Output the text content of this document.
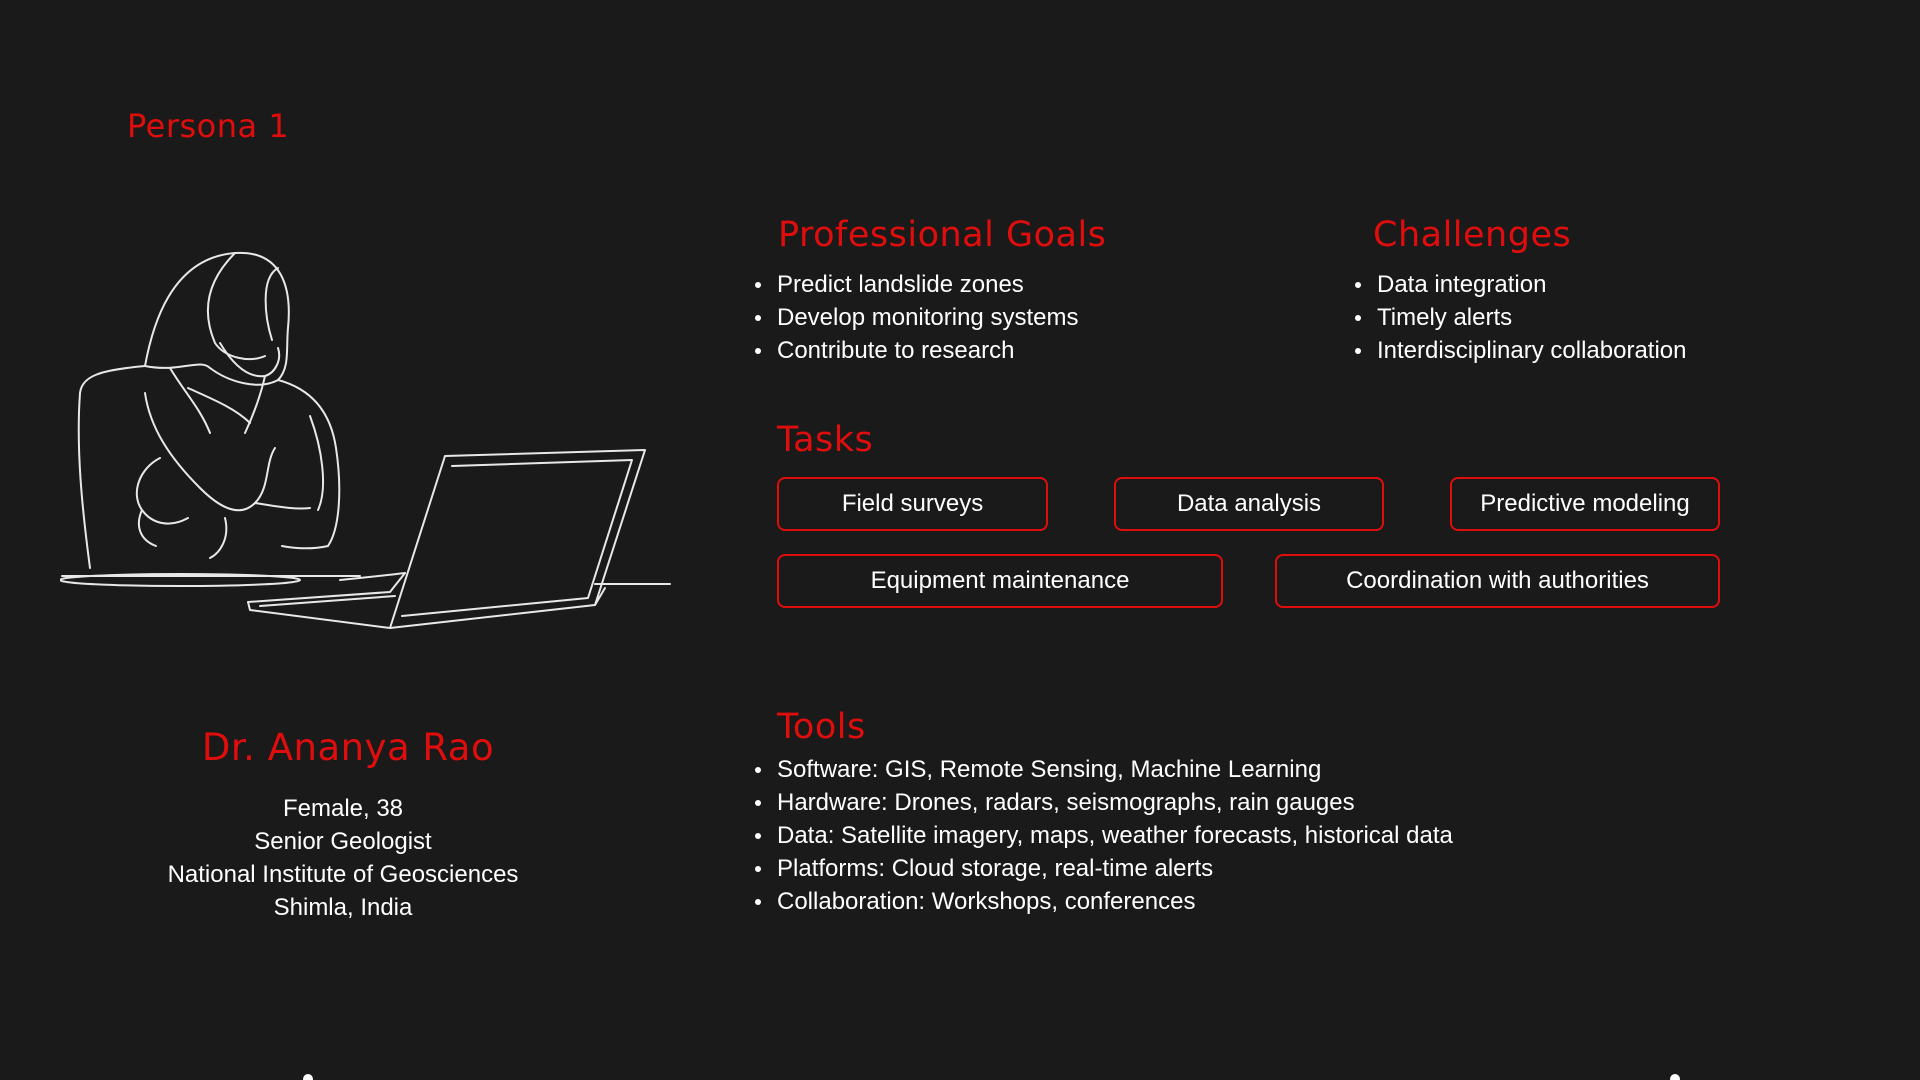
Persona 1
Dr. Ananya Rao
Female, 38
Senior Geologist
National Institute of Geosciences
Shimla, India
Professional Goals
Predict landslide zones
Develop monitoring systems
Contribute to research
Challenges
Data integration
Timely alerts
Interdisciplinary collaboration
Tasks
Field surveys	Data analysis	Predictive modeling
Equipment maintenance	Coordination with authorities
Tools
Software: GIS, Remote Sensing, Machine Learning
Hardware: Drones, radars, seismographs, rain gauges
Data: Satellite imagery, maps, weather forecasts, historical data
Platforms: Cloud storage, real-time alerts
Collaboration: Workshops, conferences
